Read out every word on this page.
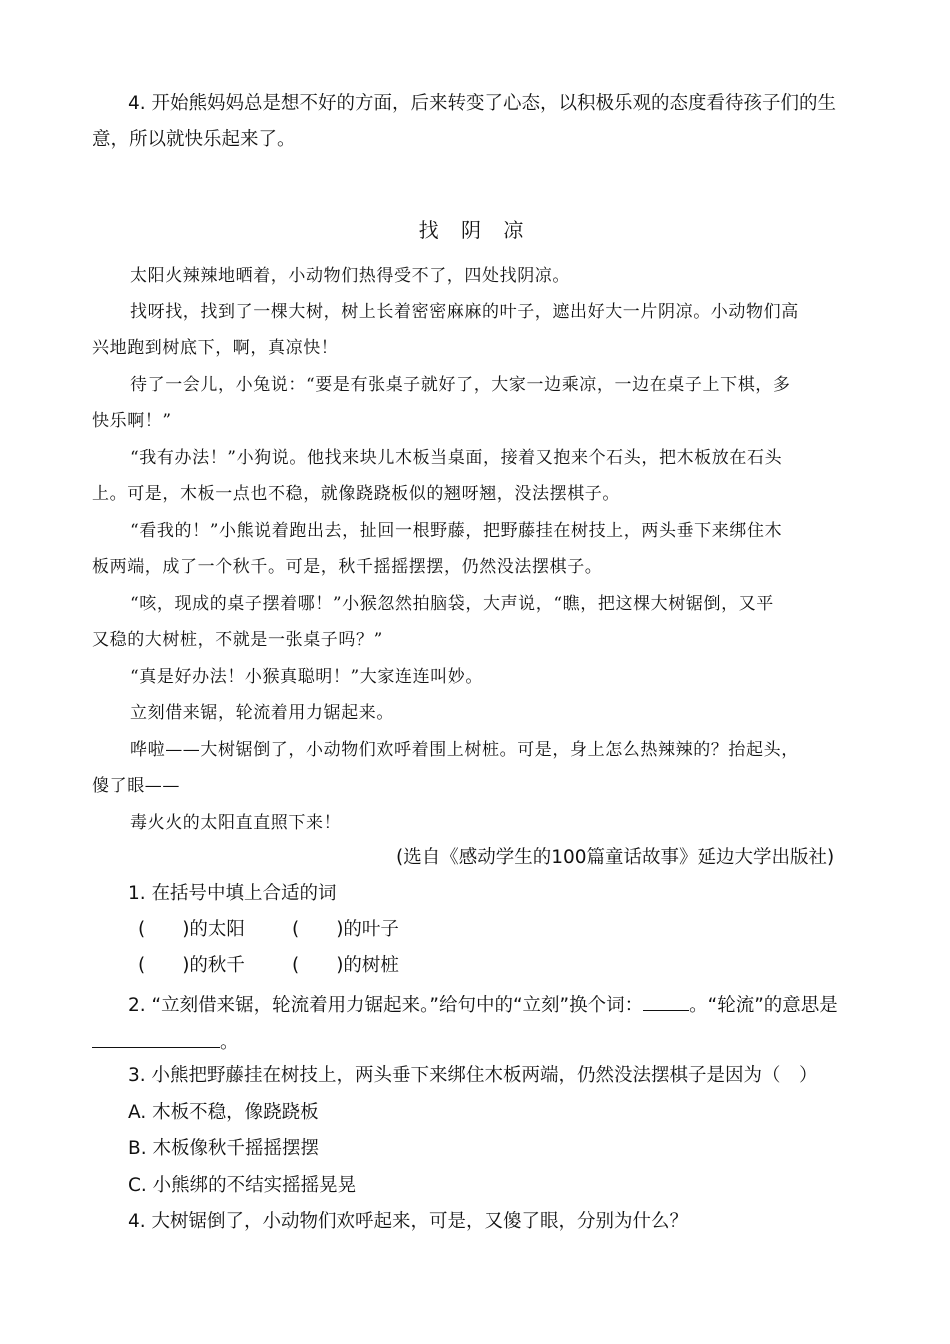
4. 开始熊妈妈总是想不好的方面，后来转变了心态，以积极乐观的态度看待孩子们的生
意，所以就快乐起来了。
找 阴 凉
太阳火辣辣地晒着，小动物们热得受不了，四处找阴凉。
找呀找，找到了一棵大树，树上长着密密麻麻的叶子，遮出好大一片阴凉。小动物们高
兴地跑到树底下，啊，真凉快！
待了一会儿，小兔说：“要是有张桌子就好了，大家一边乘凉，一边在桌子上下棋，多
快乐啊！”
“我有办法！”小狗说。他找来块儿木板当桌面，接着又抱来个石头，把木板放在石头
上。可是，木板一点也不稳，就像跷跷板似的翘呀翘，没法摆棋子。
“看我的！”小熊说着跑出去，扯回一根野藤，把野藤挂在树技上，两头垂下来绑住木
板两端，成了一个秋千。可是，秋千摇摇摆摆，仍然没法摆棋子。
“咳，现成的桌子摆着哪！”小猴忽然拍脑袋，大声说，“瞧，把这棵大树锯倒，又平
又稳的大树桩，不就是一张桌子吗？”
“真是好办法！小猴真聪明！”大家连连叫妙。
立刻借来锯，轮流着用力锯起来。
哗啦——大树锯倒了，小动物们欢呼着围上树桩。可是，身上怎么热辣辣的？抬起头，
傻了眼——
毒火火的太阳直直照下来！
(选自《感动学生的100篇童话故事》延边大学出版社)
1. 在括号中填上合适的词
(　　)的太阳	(　　)的叶子
(　　)的秋千	(　　)的树桩
2. “立刻借来锯，轮流着用力锯起来。”给句中的“立刻”换个词： 。“轮流”的意思是
。
3. 小熊把野藤挂在树技上，两头垂下来绑住木板两端，仍然没法摆棋子是因为（　）
A. 木板不稳，像跷跷板
B. 木板像秋千摇摇摆摆
C. 小熊绑的不结实摇摇晃晃
4. 大树锯倒了，小动物们欢呼起来，可是，又傻了眼，分别为什么？
